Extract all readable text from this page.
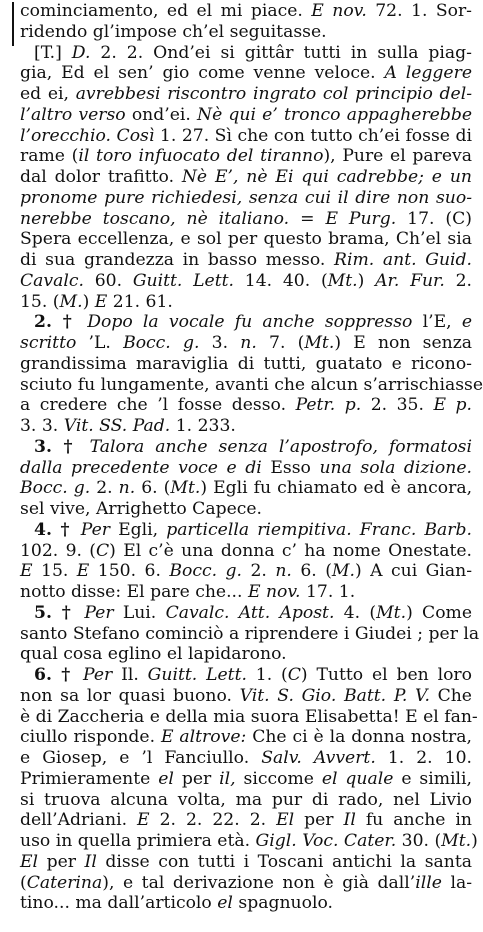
cominciamento, ed el mi piace. E nov. 72. 1. Sor-
ridendo gl’impose ch’el seguitasse.
[T.] D. 2. 2. Ond’ei si gittâr tutti in sulla piag-
gia, Ed el sen’ gio come venne veloce. A leggere
ed ei, avrebbesi riscontro ingrato col principio del-
l’altro verso ond’ei. Nè qui e’ tronco appagherebbe
l’orecchio. Così 1. 27. Sì che con tutto ch’ei fosse di
rame (il toro infuocato del tiranno), Pure el pareva
dal dolor trafitto. Nè E’, nè Ei qui cadrebbe; e un
pronome pure richiedesi, senza cui il dire non suo-
nerebbe toscano, nè italiano. = E Purg. 17. (C)
Spera eccellenza, e sol per questo brama, Ch’el sia
di sua grandezza in basso messo. Rim. ant. Guid.
Cavalc. 60. Guitt. Lett. 14. 40. (Mt.) Ar. Fur. 2.
15. (M.) E 21. 61.
2. † Dopo la vocale fu anche soppresso l’E, e
scritto ’L. Bocc. g. 3. n. 7. (Mt.) E non senza
grandissima maraviglia di tutti, guatato e ricono-
sciuto fu lungamente, avanti che alcun s’arrischiasse
a credere che ’l fosse desso. Petr. p. 2. 35. E p.
3. 3. Vit. SS. Pad. 1. 233.
3. † Talora anche senza l’apostrofo, formatosi
dalla precedente voce e di Esso una sola dizione.
Bocc. g. 2. n. 6. (Mt.) Egli fu chiamato ed è ancora,
sel vive, Arrighetto Capece.
4. † Per Egli, particella riempitiva. Franc. Barb.
102. 9. (C) El c’è una donna c’ ha nome Onestate.
E 15. E 150. 6. Bocc. g. 2. n. 6. (M.) A cui Gian-
notto disse: El pare che... E nov. 17. 1.
5. † Per Lui. Cavalc. Att. Apost. 4. (Mt.) Come
santo Stefano cominciò a riprendere i Giudei ; per la
qual cosa eglino el lapidarono.
6. † Per Il. Guitt. Lett. 1. (C) Tutto el ben loro
non sa lor quasi buono. Vit. S. Gio. Batt. P. V. Che
è di Zaccheria e della mia suora Elisabetta! E el fan-
ciullo risponde. E altrove: Che ci è la donna nostra,
e Giosep, e ’l Fanciullo. Salv. Avvert. 1. 2. 10.
Primieramente el per il, siccome el quale e simili,
si truova alcuna volta, ma pur di rado, nel Livio
dell’Adriani. E 2. 2. 22. 2. El per Il fu anche in
uso in quella primiera età. Gigl. Voc. Cater. 30. (Mt.)
El per Il disse con tutti i Toscani antichi la santa
(Caterina), e tal derivazione non è già dall’ille la-
tino... ma dall’articolo el spagnuolo.
